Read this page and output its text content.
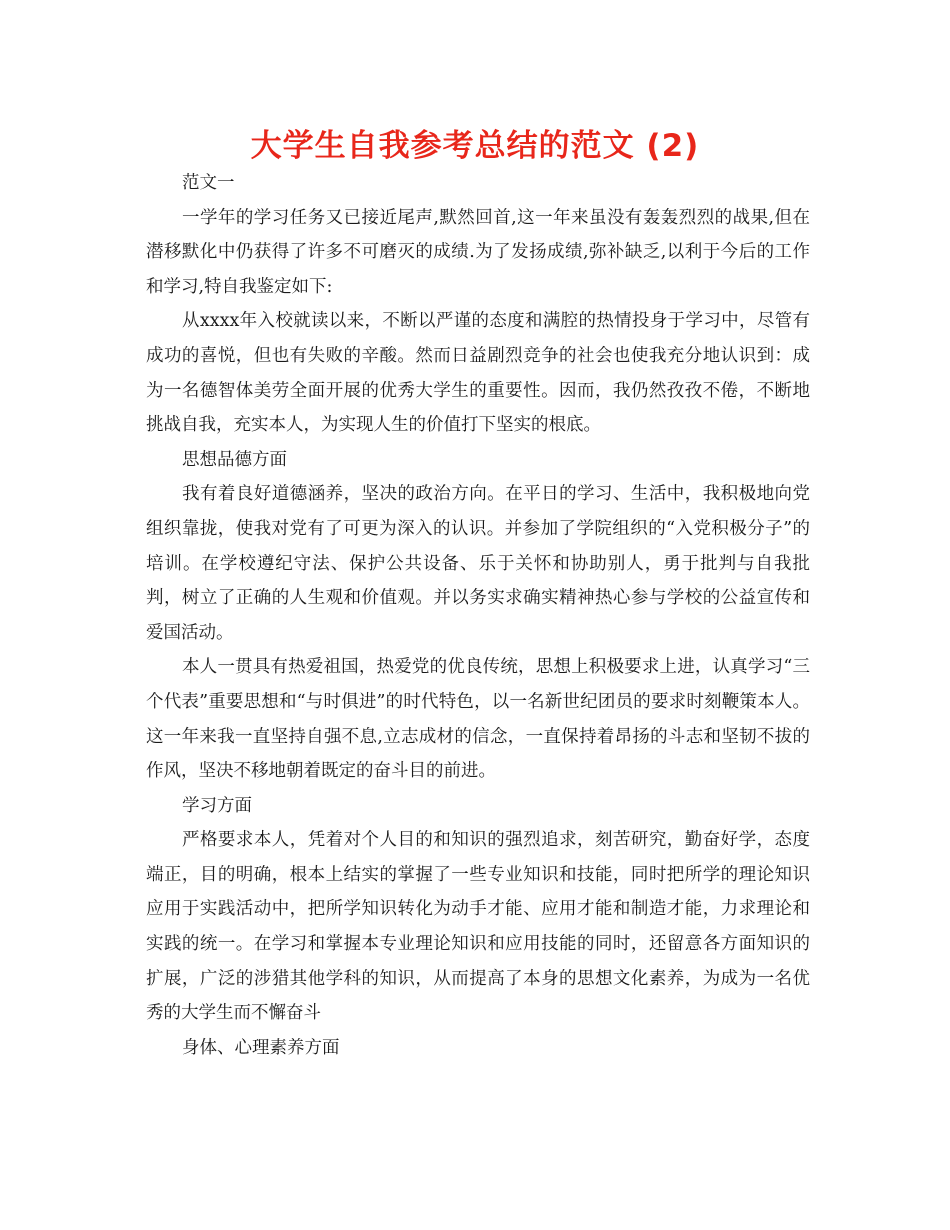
大学生自我参考总结的范文 (2)

范文一

一学年的学习任务又已接近尾声,默然回首,这一年来虽没有轰轰烈烈的战果,但在潜移默化中仍获得了许多不可磨灭的成绩.为了发扬成绩,弥补缺乏,以利于今后的工作和学习,特自我鉴定如下:

从xxxx年入校就读以来，不断以严谨的态度和满腔的热情投身于学习中，尽管有成功的喜悦，但也有失败的辛酸。然而日益剧烈竞争的社会也使我充分地认识到：成为一名德智体美劳全面开展的优秀大学生的重要性。因而，我仍然孜孜不倦，不断地挑战自我，充实本人，为实现人生的价值打下坚实的根底。

思想品德方面

我有着良好道德涵养，坚决的政治方向。在平日的学习、生活中，我积极地向党组织靠拢，使我对党有了可更为深入的认识。并参加了学院组织的“入党积极分子”的培训。在学校遵纪守法、保护公共设备、乐于关怀和协助别人，勇于批判与自我批判，树立了正确的人生观和价值观。并以务实求确实精神热心参与学校的公益宣传和爱国活动。

本人一贯具有热爱祖国，热爱党的优良传统，思想上积极要求上进，认真学习“三个代表”重要思想和“与时俱进”的时代特色，以一名新世纪团员的要求时刻鞭策本人。这一年来我一直坚持自强不息,立志成材的信念，一直保持着昂扬的斗志和坚韧不拔的作风，坚决不移地朝着既定的奋斗目的前进。

学习方面

严格要求本人，凭着对个人目的和知识的强烈追求，刻苦研究，勤奋好学，态度端正，目的明确，根本上结实的掌握了一些专业知识和技能，同时把所学的理论知识应用于实践活动中，把所学知识转化为动手才能、应用才能和制造才能，力求理论和实践的统一。在学习和掌握本专业理论知识和应用技能的同时，还留意各方面知识的扩展，广泛的涉猎其他学科的知识，从而提高了本身的思想文化素养，为成为一名优秀的大学生而不懈奋斗

身体、心理素养方面
